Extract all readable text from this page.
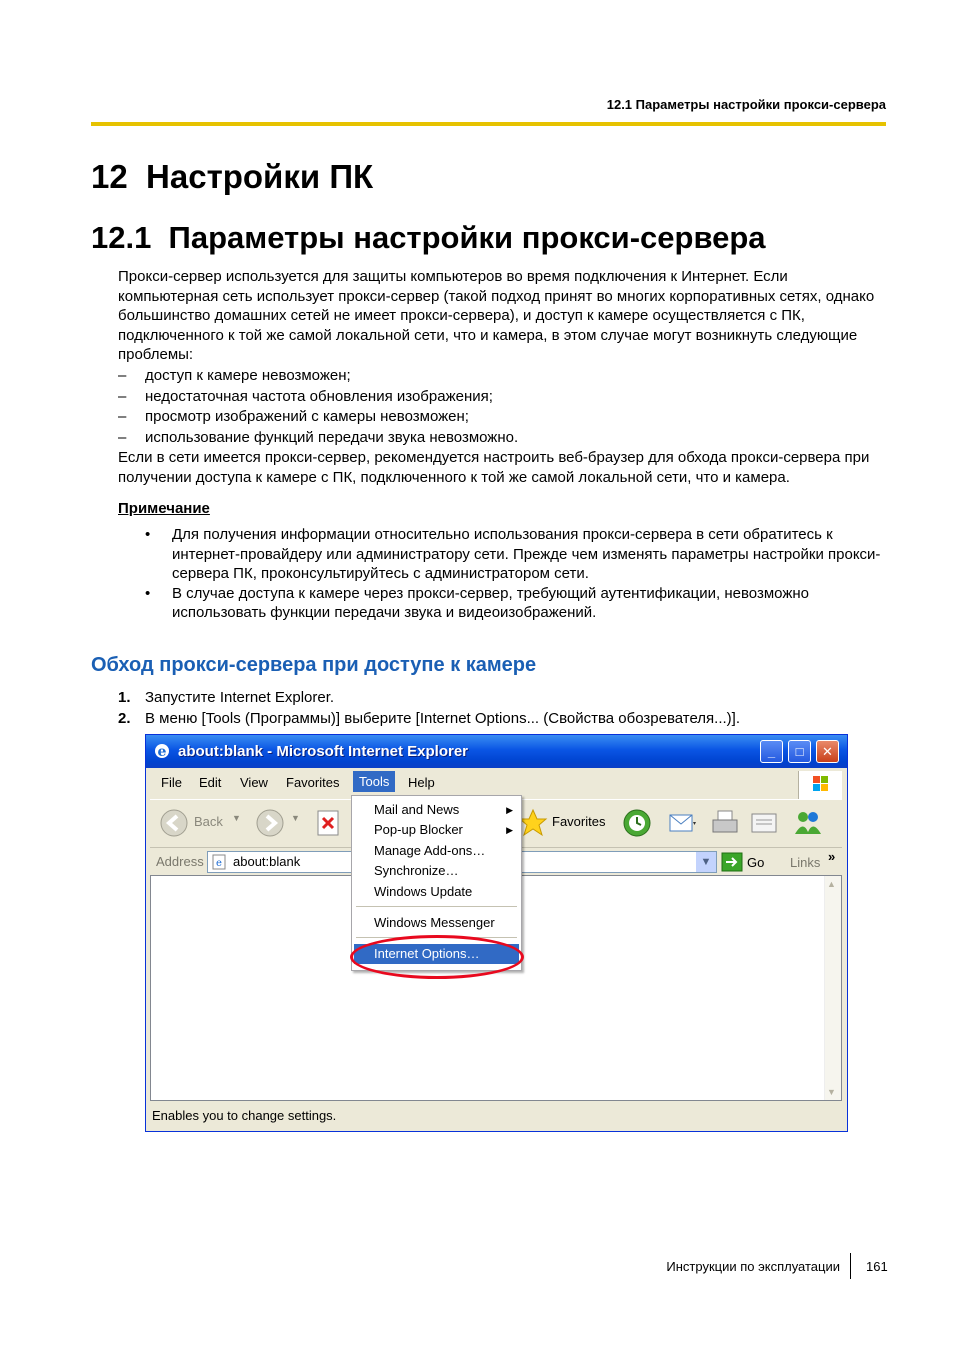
12.1 Параметры настройки прокси-сервера
12  Настройки ПК
12.1  Параметры настройки прокси-сервера
Прокси-сервер используется для защиты компьютеров во время подключения к Интернет. Если компьютерная сеть использует прокси-сервер (такой подход принят во многих корпоративных сетях, однако большинство домашних сетей не имеет прокси-сервера), и доступ к камере осуществляется с ПК, подключенного к той же самой локальной сети, что и камера, в этом случае могут возникнуть следующие проблемы:
– доступ к камере невозможен;
– недостаточная частота обновления изображения;
– просмотр изображений с камеры невозможен;
– использование функций передачи звука невозможно.
Если в сети имеется прокси-сервер, рекомендуется настроить веб-браузер для обхода прокси-сервера при получении доступа к камере с ПК, подключенного к той же самой локальной сети, что и камера.
Примечание
• Для получения информации относительно использования прокси-сервера в сети обратитесь к интернет-провайдеру или администратору сети. Прежде чем изменять параметры настройки прокси-сервера ПК, проконсультируйтесь с администратором сети.
• В случае доступа к камере через прокси-сервер, требующий аутентификации, невозможно использовать функции передачи звука и видеоизображений.
Обход прокси-сервера при доступе к камере
1. Запустите Internet Explorer.
2. В меню [Tools (Программы)] выберите [Internet Options... (Свойства обозревателя...)].
e about:blank - Microsoft Internet Explorer	_	□	✕
File Edit View Favorites	Tools	Help
Back ▼	▼	Favorites
Address e about:blank	▼	Go Links »
▲
▼
Enables you to change settings.
Mail and News	▶
Pop-up Blocker	▶
Manage Add-ons…
Synchronize…
Windows Update
Windows Messenger
Internet Options…
Инструкции по эксплуатации 161
